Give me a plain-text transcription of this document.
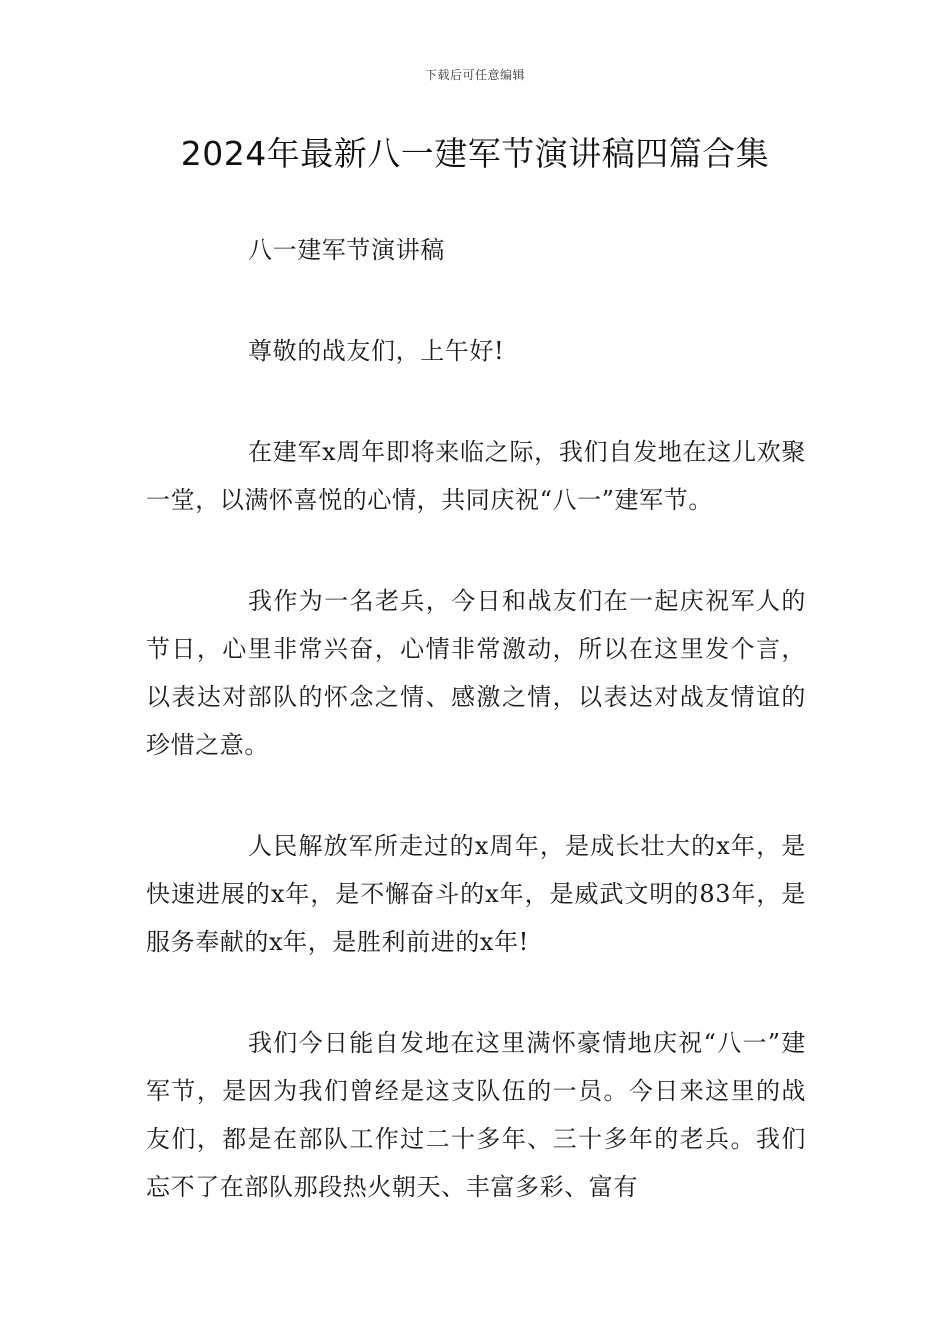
下载后可任意编辑
2024年最新八一建军节演讲稿四篇合集

八一建军节演讲稿

尊敬的战友们，上午好!

在建军x周年即将来临之际，我们自发地在这儿欢聚一堂，以满怀喜悦的心情，共同庆祝“八一”建军节。

我作为一名老兵，今日和战友们在一起庆祝军人的节日，心里非常兴奋，心情非常激动，所以在这里发个言，以表达对部队的怀念之情、感激之情，以表达对战友情谊的珍惜之意。

人民解放军所走过的x周年，是成长壮大的x年，是快速进展的x年，是不懈奋斗的x年，是威武文明的83年，是服务奉献的x年，是胜利前进的x年!

我们今日能自发地在这里满怀豪情地庆祝“八一”建军节，是因为我们曾经是这支队伍的一员。今日来这里的战友们，都是在部队工作过二十多年、三十多年的老兵。我们忘不了在部队那段热火朝天、丰富多彩、富有
